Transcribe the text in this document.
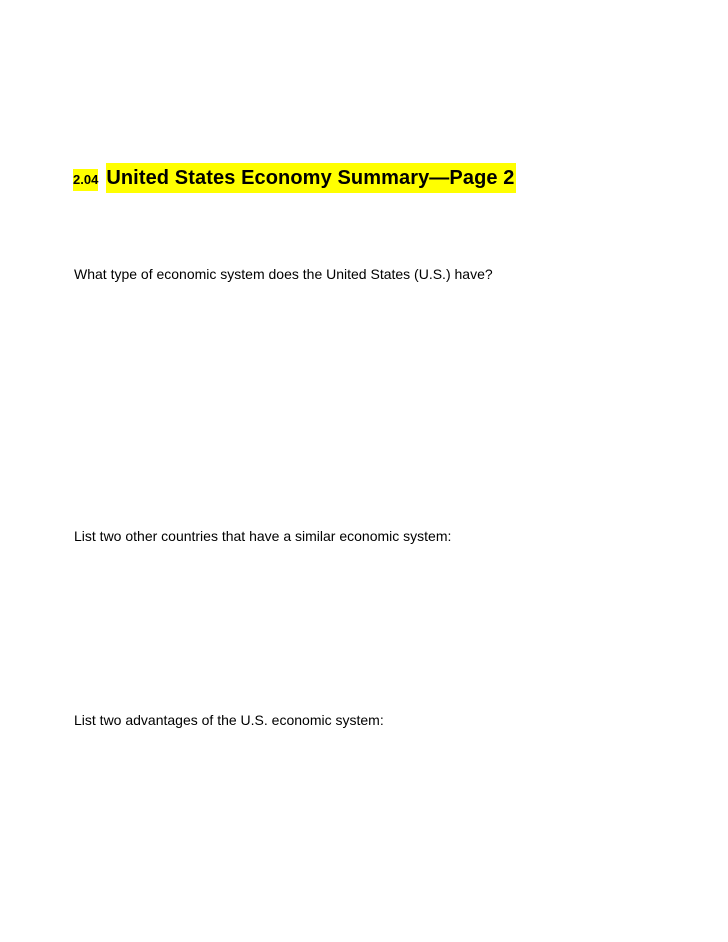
2.04 United States Economy Summary—Page 2
What type of economic system does the United States (U.S.) have?
List two other countries that have a similar economic system:
List two advantages of the U.S. economic system:
